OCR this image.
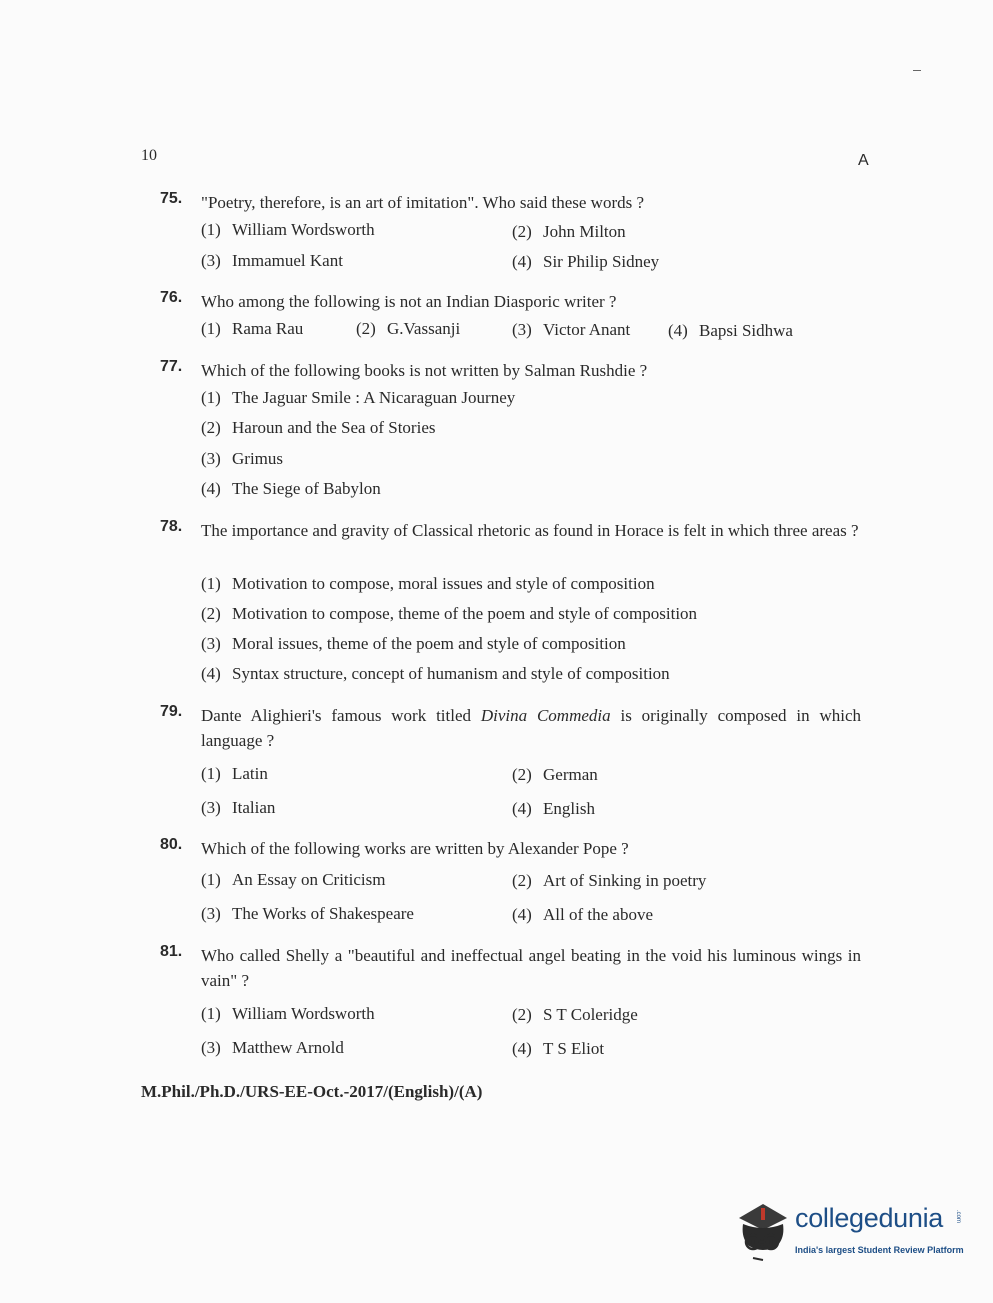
10	A
75. "Poetry, therefore, is an art of imitation". Who said these words ?
(1) William Wordsworth	(2) John Milton
(3) Immamuel Kant	(4) Sir Philip Sidney
76. Who among the following is not an Indian Diasporic writer ?
(1) Rama Rau	(2) G.Vassanji	(3) Victor Anant (4) Bapsi Sidhwa
77. Which of the following books is not written by Salman Rushdie ?
(1) The Jaguar Smile : A Nicaraguan Journey
(2) Haroun and the Sea of Stories
(3) Grimus
(4) The Siege of Babylon
78. The importance and gravity of Classical rhetoric as found in Horace is felt in which three areas ?
(1) Motivation to compose, moral issues and style of composition
(2) Motivation to compose, theme of the poem and style of composition
(3) Moral issues, theme of the poem and style of composition
(4) Syntax structure, concept of humanism and style of composition
79. Dante Alighieri's famous work titled Divina Commedia is originally composed in which language ?
(1) Latin	(2) German
(3) Italian	(4) English
80. Which of the following works are written by Alexander Pope ?
(1) An Essay on Criticism	(2) Art of Sinking in poetry
(3) The Works of Shakespeare	(4) All of the above
81. Who called Shelly a "beautiful and ineffectual angel beating in the void his luminous wings in vain" ?
(1) William Wordsworth	(2) S T Coleridge
(3) Matthew Arnold	(4) T S Eliot
M.Phil./Ph.D./URS-EE-Oct.-2017/(English)/(A)
collegedunia .com
India's largest Student Review Platform
